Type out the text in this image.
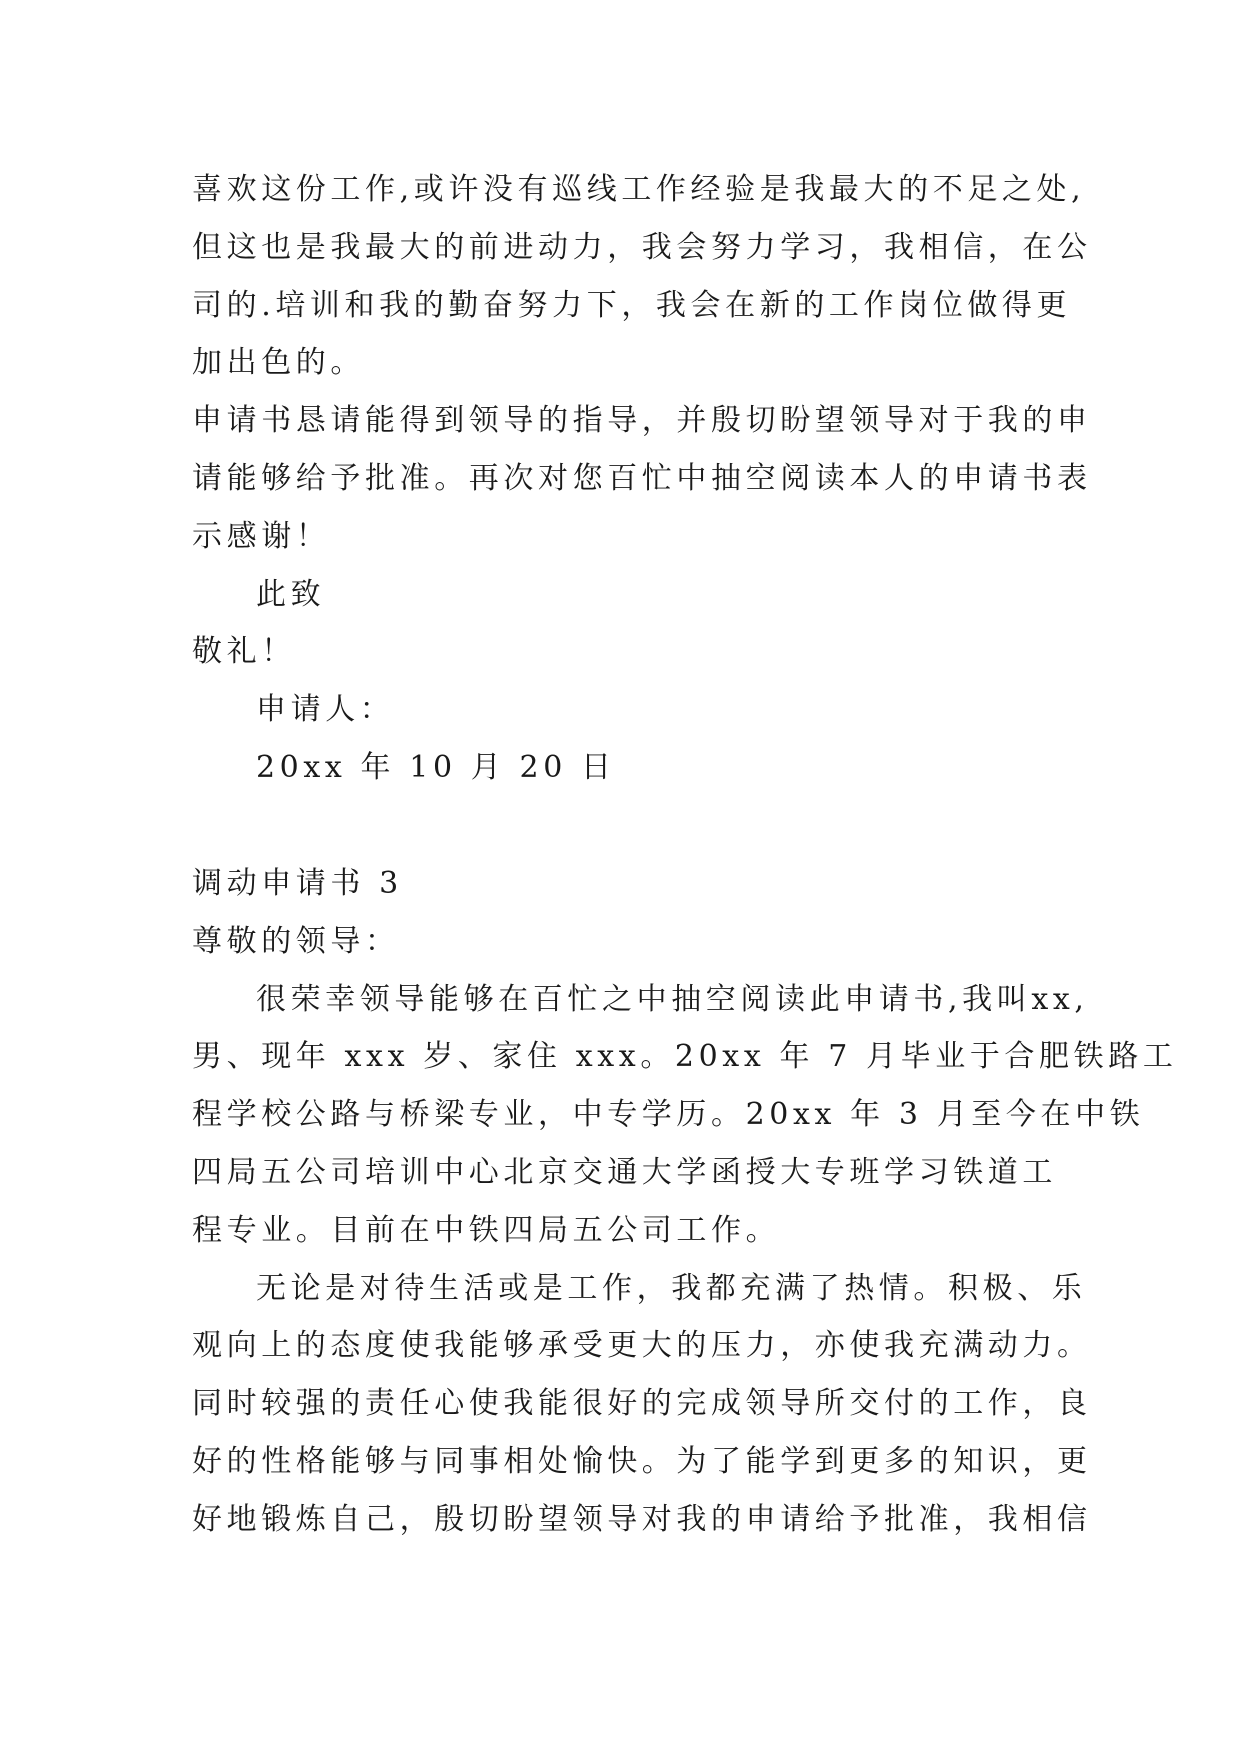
喜欢这份工作,或许没有巡线工作经验是我最大的不足之处,
但这也是我最大的前进动力，我会努力学习，我相信，在公
司的.培训和我的勤奋努力下，我会在新的工作岗位做得更
加出色的。
申请书恳请能得到领导的指导，并殷切盼望领导对于我的申
请能够给予批准。再次对您百忙中抽空阅读本人的申请书表
示感谢！
此致
敬礼！
申请人：
20xx 年 10 月 20 日
调动申请书 3
尊敬的领导：
很荣幸领导能够在百忙之中抽空阅读此申请书,我叫xx,
男、现年 xxx 岁、家住 xxx。20xx 年 7 月毕业于合肥铁路工
程学校公路与桥梁专业，中专学历。20xx 年 3 月至今在中铁
四局五公司培训中心北京交通大学函授大专班学习铁道工
程专业。目前在中铁四局五公司工作。
无论是对待生活或是工作，我都充满了热情。积极、乐
观向上的态度使我能够承受更大的压力，亦使我充满动力。
同时较强的责任心使我能很好的完成领导所交付的工作，良
好的性格能够与同事相处愉快。为了能学到更多的知识，更
好地锻炼自己，殷切盼望领导对我的申请给予批准，我相信
